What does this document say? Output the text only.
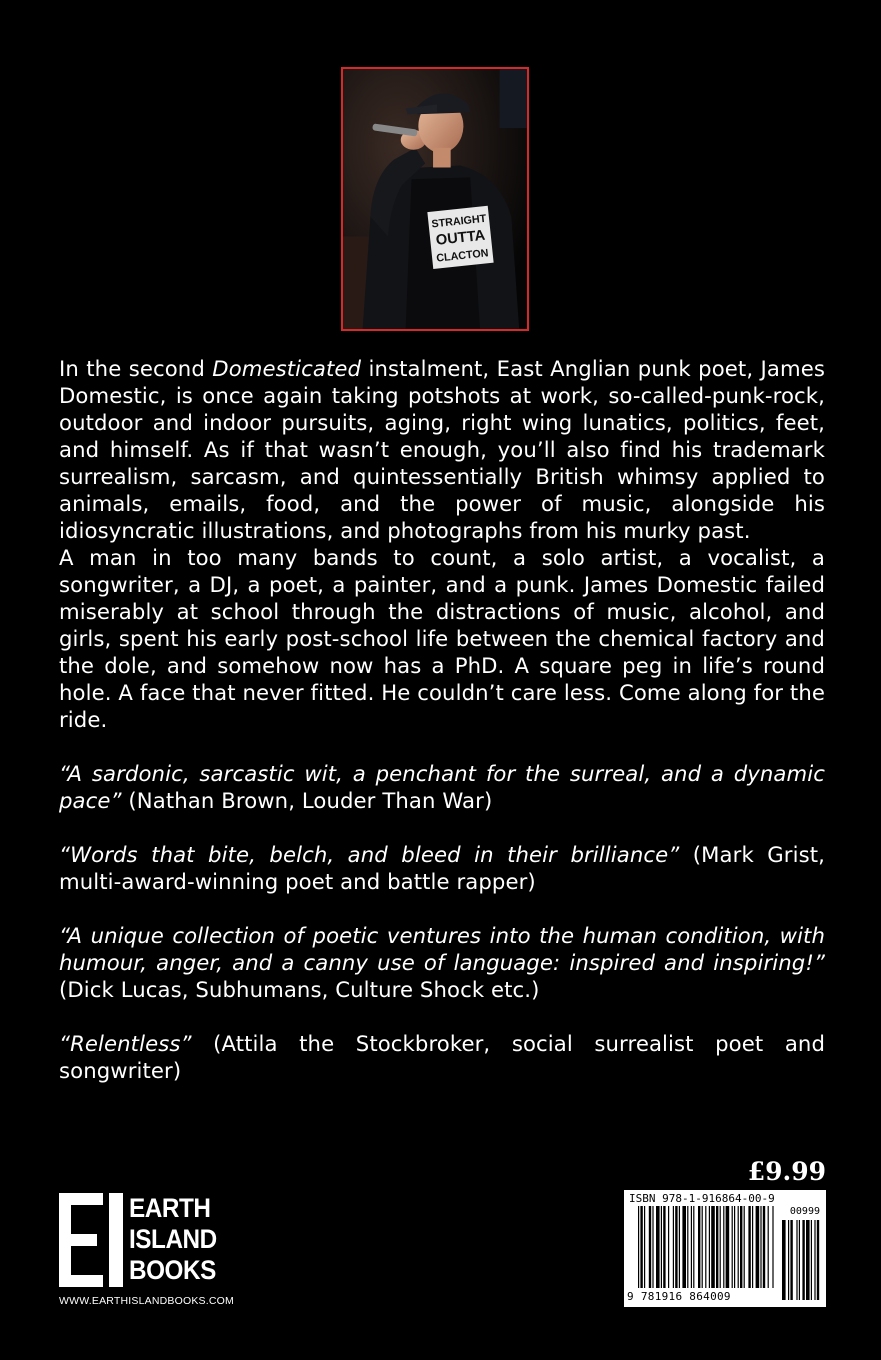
STRAIGHT
OUTTA
CLACTON

In the second Domesticated instalment, East Anglian punk poet, James Domestic, is once again taking potshots at work, so-called-punk-rock, outdoor and indoor pursuits, aging, right wing lunatics, politics, feet, and himself. As if that wasn’t enough, you’ll also find his trademark surrealism, sarcasm, and quintessentially British whimsy applied to animals, emails, food, and the power of music, alongside his idiosyncratic illustrations, and photographs from his murky past.

A man in too many bands to count, a solo artist, a vocalist, a songwriter, a DJ, a poet, a painter, and a punk. James Domestic failed miserably at school through the distractions of music, alcohol, and girls, spent his early post-school life between the chemical factory and the dole, and somehow now has a PhD. A square peg in life’s round hole. A face that never fitted. He couldn’t care less. Come along for the ride.

“A sardonic, sarcastic wit, a penchant for the surreal, and a dynamic pace” (Nathan Brown, Louder Than War)

“Words that bite, belch, and bleed in their brilliance” (Mark Grist, multi-award-winning poet and battle rapper)

“A unique collection of poetic ventures into the human condition, with humour, anger, and a canny use of language: inspired and inspiring!” (Dick Lucas, Subhumans, Culture Shock etc.)

“Relentless” (Attila the Stockbroker, social surrealist poet and songwriter)

EARTH
ISLAND
BOOKS
WWW.EARTHISLANDBOOKS.COM
£9.99
ISBN 978-1-916864-00-9
00999
9 781916 864009
